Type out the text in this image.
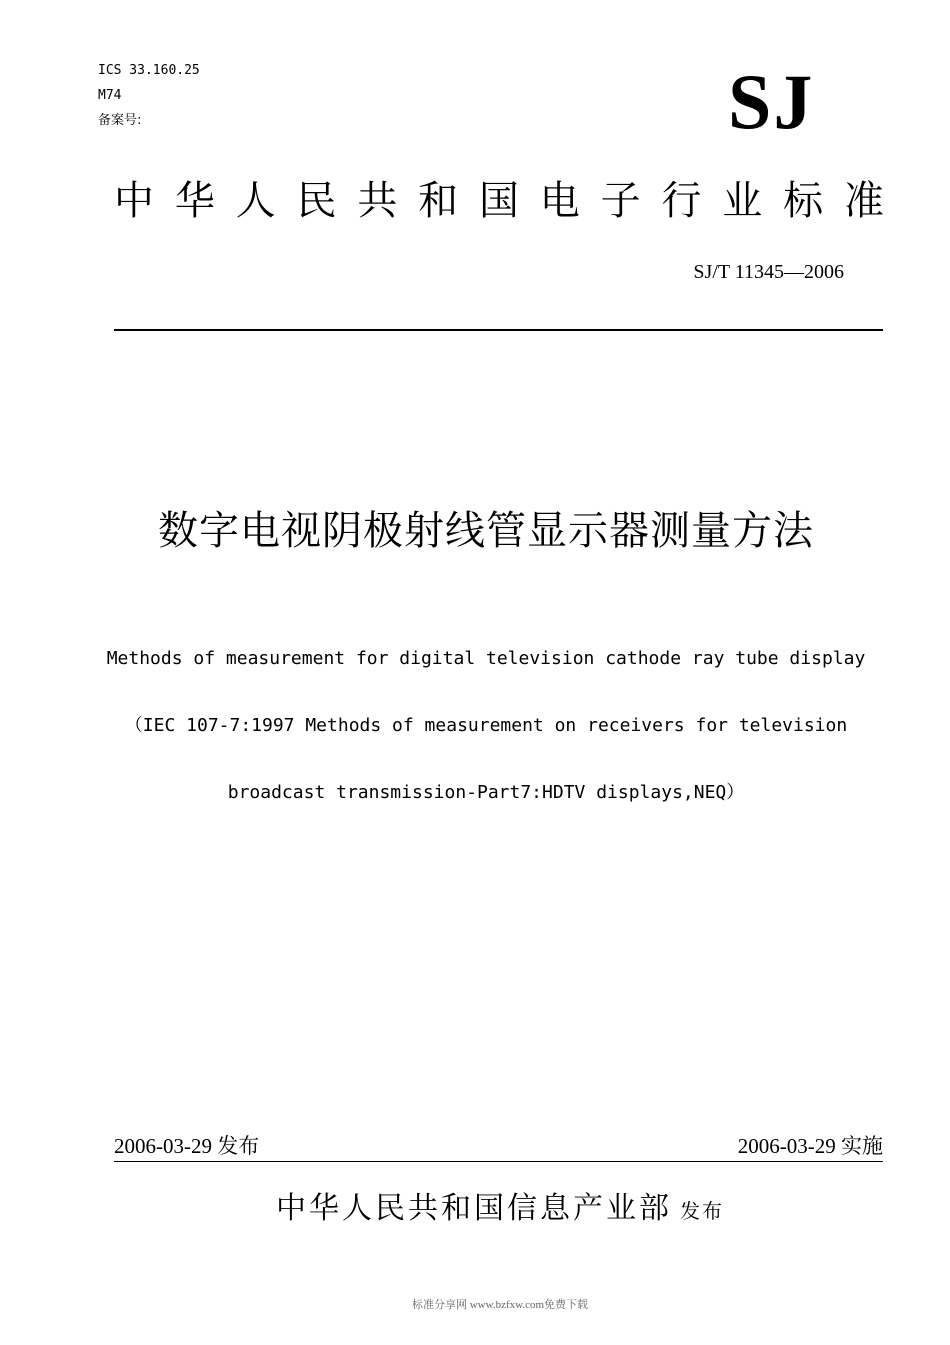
ICS 33.160.25
M74
备案号:	SJ
中 华 人 民 共 和 国 电 子 行 业 标 准
SJ/T 11345—2006
数字电视阴极射线管显示器测量方法
Methods of measurement for digital television cathode ray tube display
（IEC 107-7:1997 Methods of measurement on receivers for television
broadcast transmission-Part7:HDTV displays,NEQ）
2006-03-29 发布	2006-03-29 实施
中华人民共和国信息产业部 发布
标准分享网 www.bzfxw.com免费下载
